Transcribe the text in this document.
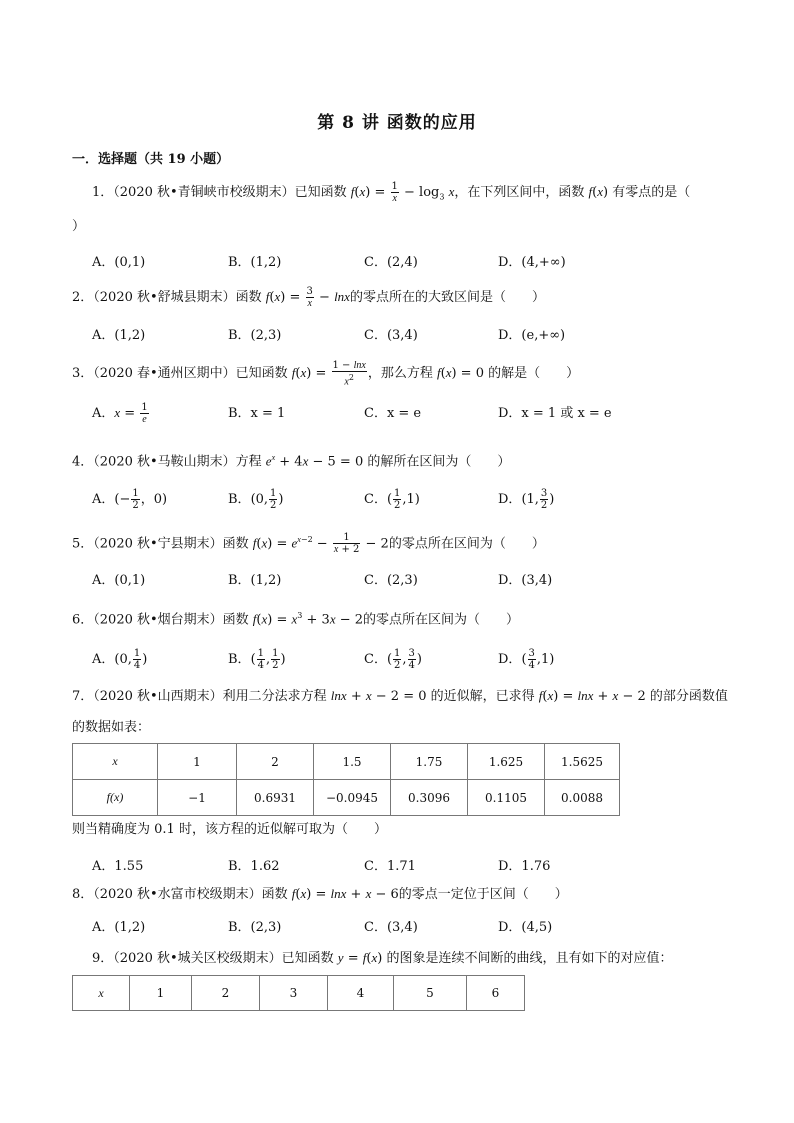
第 8 讲 函数的应用
一．选择题（共 19 小题）
1．（2020 秋•青铜峡市校级期末）已知函数 $f(x) = \frac{1}{x} - \log_3 x$，在下列区间中，函数 f(x) 有零点的是（
）
A．(0,1)	B．(1,2)	C．(2,4)	D．(4,+∞)
2．（2020 秋•舒城县期末）函数 $f(x) = \frac{3}{x} - \ln x$的零点所在的大致区间是（　　）
A．(1,2)	B．(2,3)	C．(3,4)	D．(e,+∞)
3．（2020 春•通州区期中）已知函数 $f(x) = \frac{1 - \ln x}{x^2}$ ，那么方程 f(x) = 0 的解是（　　）
A．$x = \frac{1}{e}$	B．x = 1	C．x = e	D．x = 1 或 x = e
4．（2020 秋•马鞍山期末）方程 $e^x + 4x - 5 = 0$ 的解所在区间为（　　）
A．(− $\frac{1}{2}$ ，0)	B．(0, $\frac{1}{2}$ )	C．( $\frac{1}{2} ,1$)	D．(1, $\frac{3}{2}$ )
5．（2020 秋•宁县期末）函数 $f(x) = e^{x-2} - \frac{1}{x + 2} - 2$的零点所在区间为（　　）
A．(0,1)	B．(1,2)	C．(2,3)	D．(3,4)
6．（2020 秋•烟台期末）函数 $f(x) = x^3 + 3x - 2$的零点所在区间为（　　）
A．(0, $\frac{1}{4}$ )	B．( $\frac{1}{4}$ , $\frac{1}{2}$ )	C．( $\frac{1}{2}$ , $\frac{3}{4}$ )	D．( $\frac{3}{4} ,1$)
7．（2020 秋•山西期末）利用二分法求方程 lnx + x − 2 = 0 的近似解，已求得 f(x) = lnx + x − 2 的部分函数值
的数据如表：
x	1	2	1.5	1.75	1.625	1.5625
f(x)	−1	0.6931	−0.0945	0.3096	0.1105	0.0088
则当精确度为 0.1 时，该方程的近似解可取为（　　）
A．1.55	B．1.62	C．1.71	D．1.76
8．（2020 秋•水富市校级期末）函数 f(x) = lnx + x − 6的零点一定位于区间（　　）
A．(1,2)	B．(2,3)	C．(3,4)	D．(4,5)
9．（2020 秋•城关区校级期末）已知函数 y = f(x) 的图象是连续不间断的曲线，且有如下的对应值：
x	1	2	3	4	5	6
